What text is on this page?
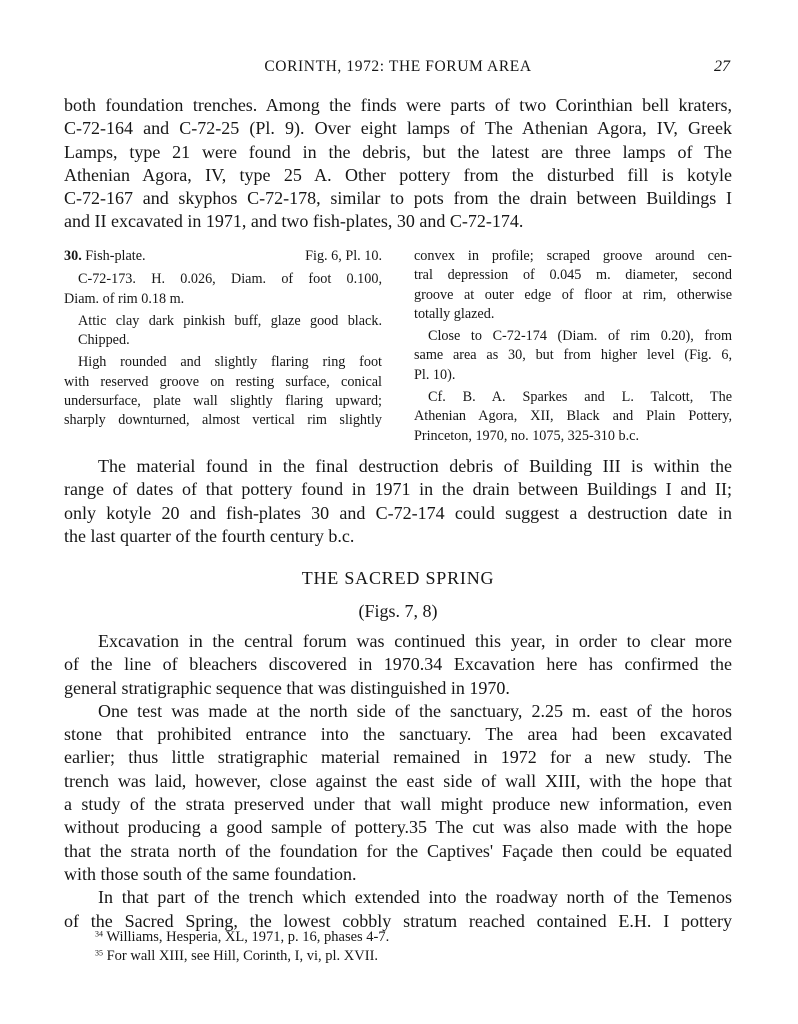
CORINTH, 1972: THE FORUM AREA	27
both foundation trenches. Among the finds were parts of two Corinthian bell kraters,
C-72-164 and C-72-25 (Pl. 9). Over eight lamps of The Athenian Agora, IV, Greek
Lamps, type 21 were found in the debris, but the latest are three lamps of The
Athenian Agora, IV, type 25 A. Other pottery from the disturbed fill is kotyle
C-72-167 and skyphos C-72-178, similar to pots from the drain between Buildings I
and II excavated in 1971, and two fish-plates, 30 and C-72-174.
30. Fish-plate.	Fig. 6, Pl. 10.

C-72-173. H. 0.026, Diam. of foot 0.100,
Diam. of rim 0.18 m.

Attic clay dark pinkish buff, glaze good black.
Chipped.

High rounded and slightly flaring ring foot
with reserved groove on resting surface, conical
undersurface, plate wall slightly flaring upward;
sharply downturned, almost vertical rim slightly

convex in profile; scraped groove around cen-
tral depression of 0.045 m. diameter, second
groove at outer edge of floor at rim, otherwise
totally glazed.

Close to C-72-174 (Diam. of rim 0.20), from
same area as 30, but from higher level (Fig. 6,
Pl. 10).

Cf. B. A. Sparkes and L. Talcott, The
Athenian Agora, XII, Black and Plain Pottery,
Princeton, 1970, no. 1075, 325-310 b.c.

The material found in the final destruction debris of Building III is within the
range of dates of that pottery found in 1971 in the drain between Buildings I and II;
only kotyle 20 and fish-plates 30 and C-72-174 could suggest a destruction date in
the last quarter of the fourth century b.c.
THE SACRED SPRING
(Figs. 7, 8)
Excavation in the central forum was continued this year, in order to clear more
of the line of bleachers discovered in 1970.34 Excavation here has confirmed the
general stratigraphic sequence that was distinguished in 1970.
One test was made at the north side of the sanctuary, 2.25 m. east of the horos
stone that prohibited entrance into the sanctuary. The area had been excavated
earlier; thus little stratigraphic material remained in 1972 for a new study. The
trench was laid, however, close against the east side of wall XIII, with the hope that
a study of the strata preserved under that wall might produce new information, even
without producing a good sample of pottery.35 The cut was also made with the hope
that the strata north of the foundation for the Captives' Façade then could be equated
with those south of the same foundation.
In that part of the trench which extended into the roadway north of the Temenos
of the Sacred Spring, the lowest cobbly stratum reached contained E.H. I pottery

$^{34}$ Williams, Hesperia, XL, 1971, p. 16, phases 4-7.

$^{35}$ For wall XIII, see Hill, Corinth, I, vi, pl. XVII.
